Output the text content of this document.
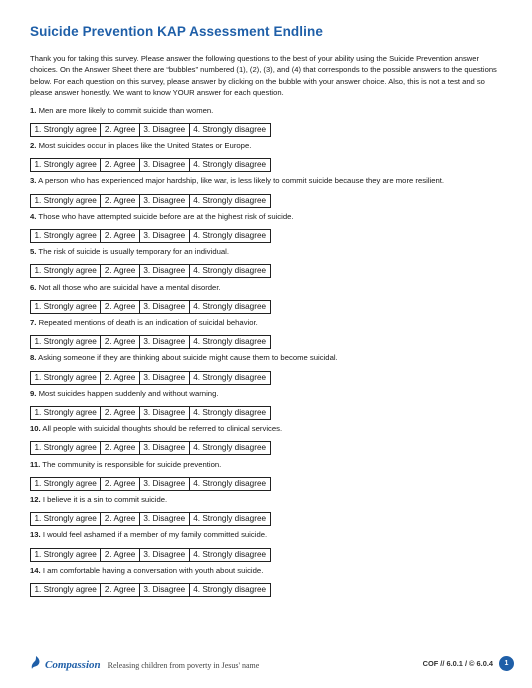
Suicide Prevention KAP Assessment Endline

Thank you for taking this survey. Please answer the following questions to the best of your ability using the Suicide Prevention answer choices. On the Answer Sheet there are “bubbles” numbered (1), (2), (3), and (4) that corresponds to the possible answers to the questions below. For each question on this survey, please answer by clicking on the bubble with your answer choice. Also, this is not a test and so please answer honestly. We want to know YOUR answer for each question.

1. Men are more likely to commit suicide than women.

1. Strongly agree 2. Agree 3. Disagree 4. Strongly disagree

2. Most suicides occur in places like the United States or Europe.

1. Strongly agree 2. Agree 3. Disagree 4. Strongly disagree

3. A person who has experienced major hardship, like war, is less likely to commit suicide because they are more resilient.

1. Strongly agree 2. Agree 3. Disagree 4. Strongly disagree

4. Those who have attempted suicide before are at the highest risk of suicide.

1. Strongly agree 2. Agree 3. Disagree 4. Strongly disagree

5. The risk of suicide is usually temporary for an individual.

1. Strongly agree 2. Agree 3. Disagree 4. Strongly disagree

6. Not all those who are suicidal have a mental disorder.

1. Strongly agree 2. Agree 3. Disagree 4. Strongly disagree

7. Repeated mentions of death is an indication of suicidal behavior.

1. Strongly agree 2. Agree 3. Disagree 4. Strongly disagree

8. Asking someone if they are thinking about suicide might cause them to become suicidal.

1. Strongly agree 2. Agree 3. Disagree 4. Strongly disagree

9. Most suicides happen suddenly and without warning.

1. Strongly agree 2. Agree 3. Disagree 4. Strongly disagree

10. All people with suicidal thoughts should be referred to clinical services.

1. Strongly agree 2. Agree 3. Disagree 4. Strongly disagree

11. The community is responsible for suicide prevention.

1. Strongly agree 2. Agree 3. Disagree 4. Strongly disagree

12. I believe it is a sin to commit suicide.

1. Strongly agree 2. Agree 3. Disagree 4. Strongly disagree

13. I would feel ashamed if a member of my family committed suicide.

1. Strongly agree 2. Agree 3. Disagree 4. Strongly disagree

14. I am comfortable having a conversation with youth about suicide.

1. Strongly agree 2. Agree 3. Disagree 4. Strongly disagree
Compassion Releasing children from poverty in Jesus' name	COF // 6.0.1 / © 6.0.4	1
